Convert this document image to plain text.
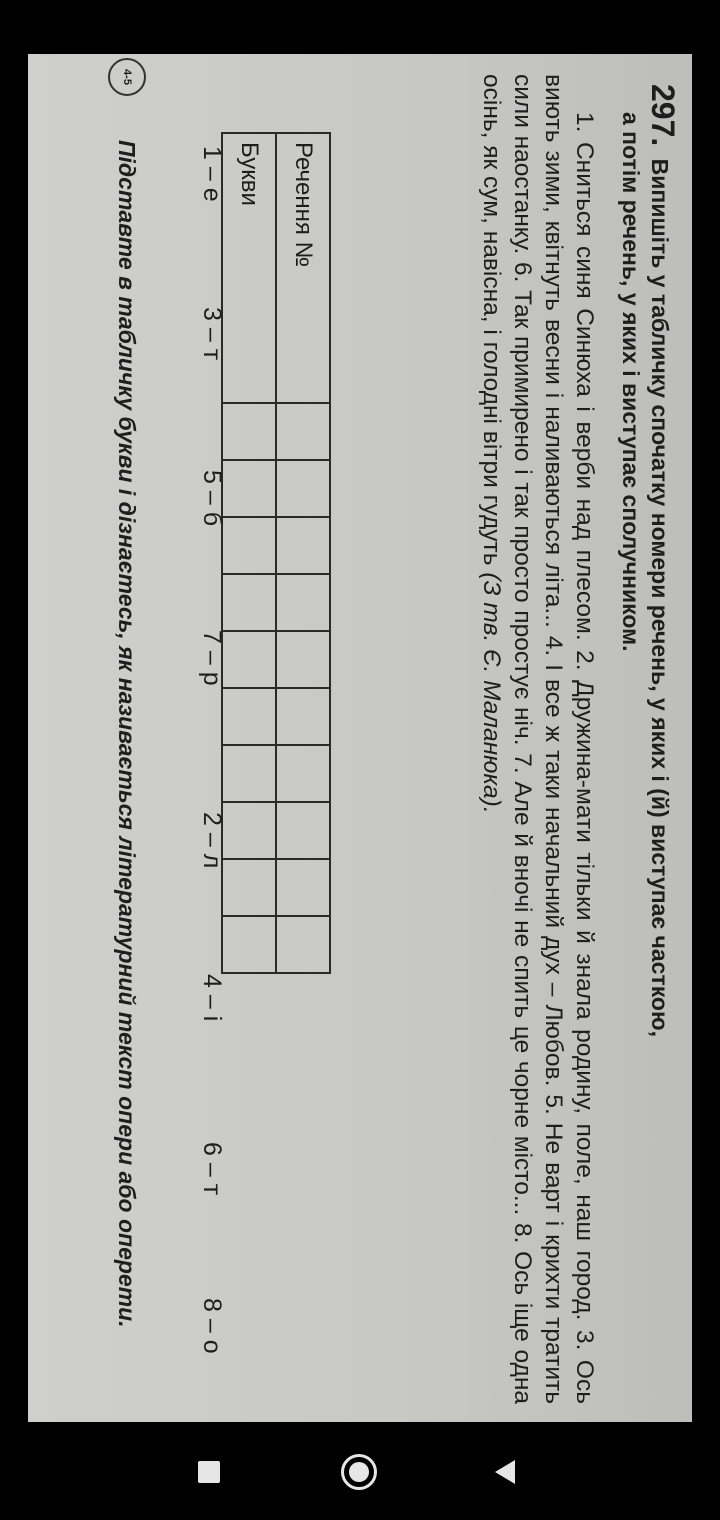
297. Випишіть у табличку спочатку номери речень, у яких і (й) виступає часткою,
а потім речень, у яких і виступає сполучником.
1. Сниться синя Синюха і верби над плесом. 2. Дружина-мати тільки й знала родину, поле, наш город. 3. Ось виють зими, квітнуть весни і наливаються літа... 4. І все ж таки начальний дух – Любов. 5. Не варт і крихти тратить сили наостанку. 6. Так примирено і так просто простує ніч. 7. Але й вночі не спить це чорне місто... 8. Ось іще одна осінь, як сум, навісна, і голодні вітри гудуть (З тв. Є. Маланюка).
Речення №										
Букви										
1 – е
3 – т
5 – б
7 – р
2 – л
4 – і
6 – т
8 – о
4-5
Підставте в табличку букви і дізнаєтесь, як називається літературний текст опери або оперети.
